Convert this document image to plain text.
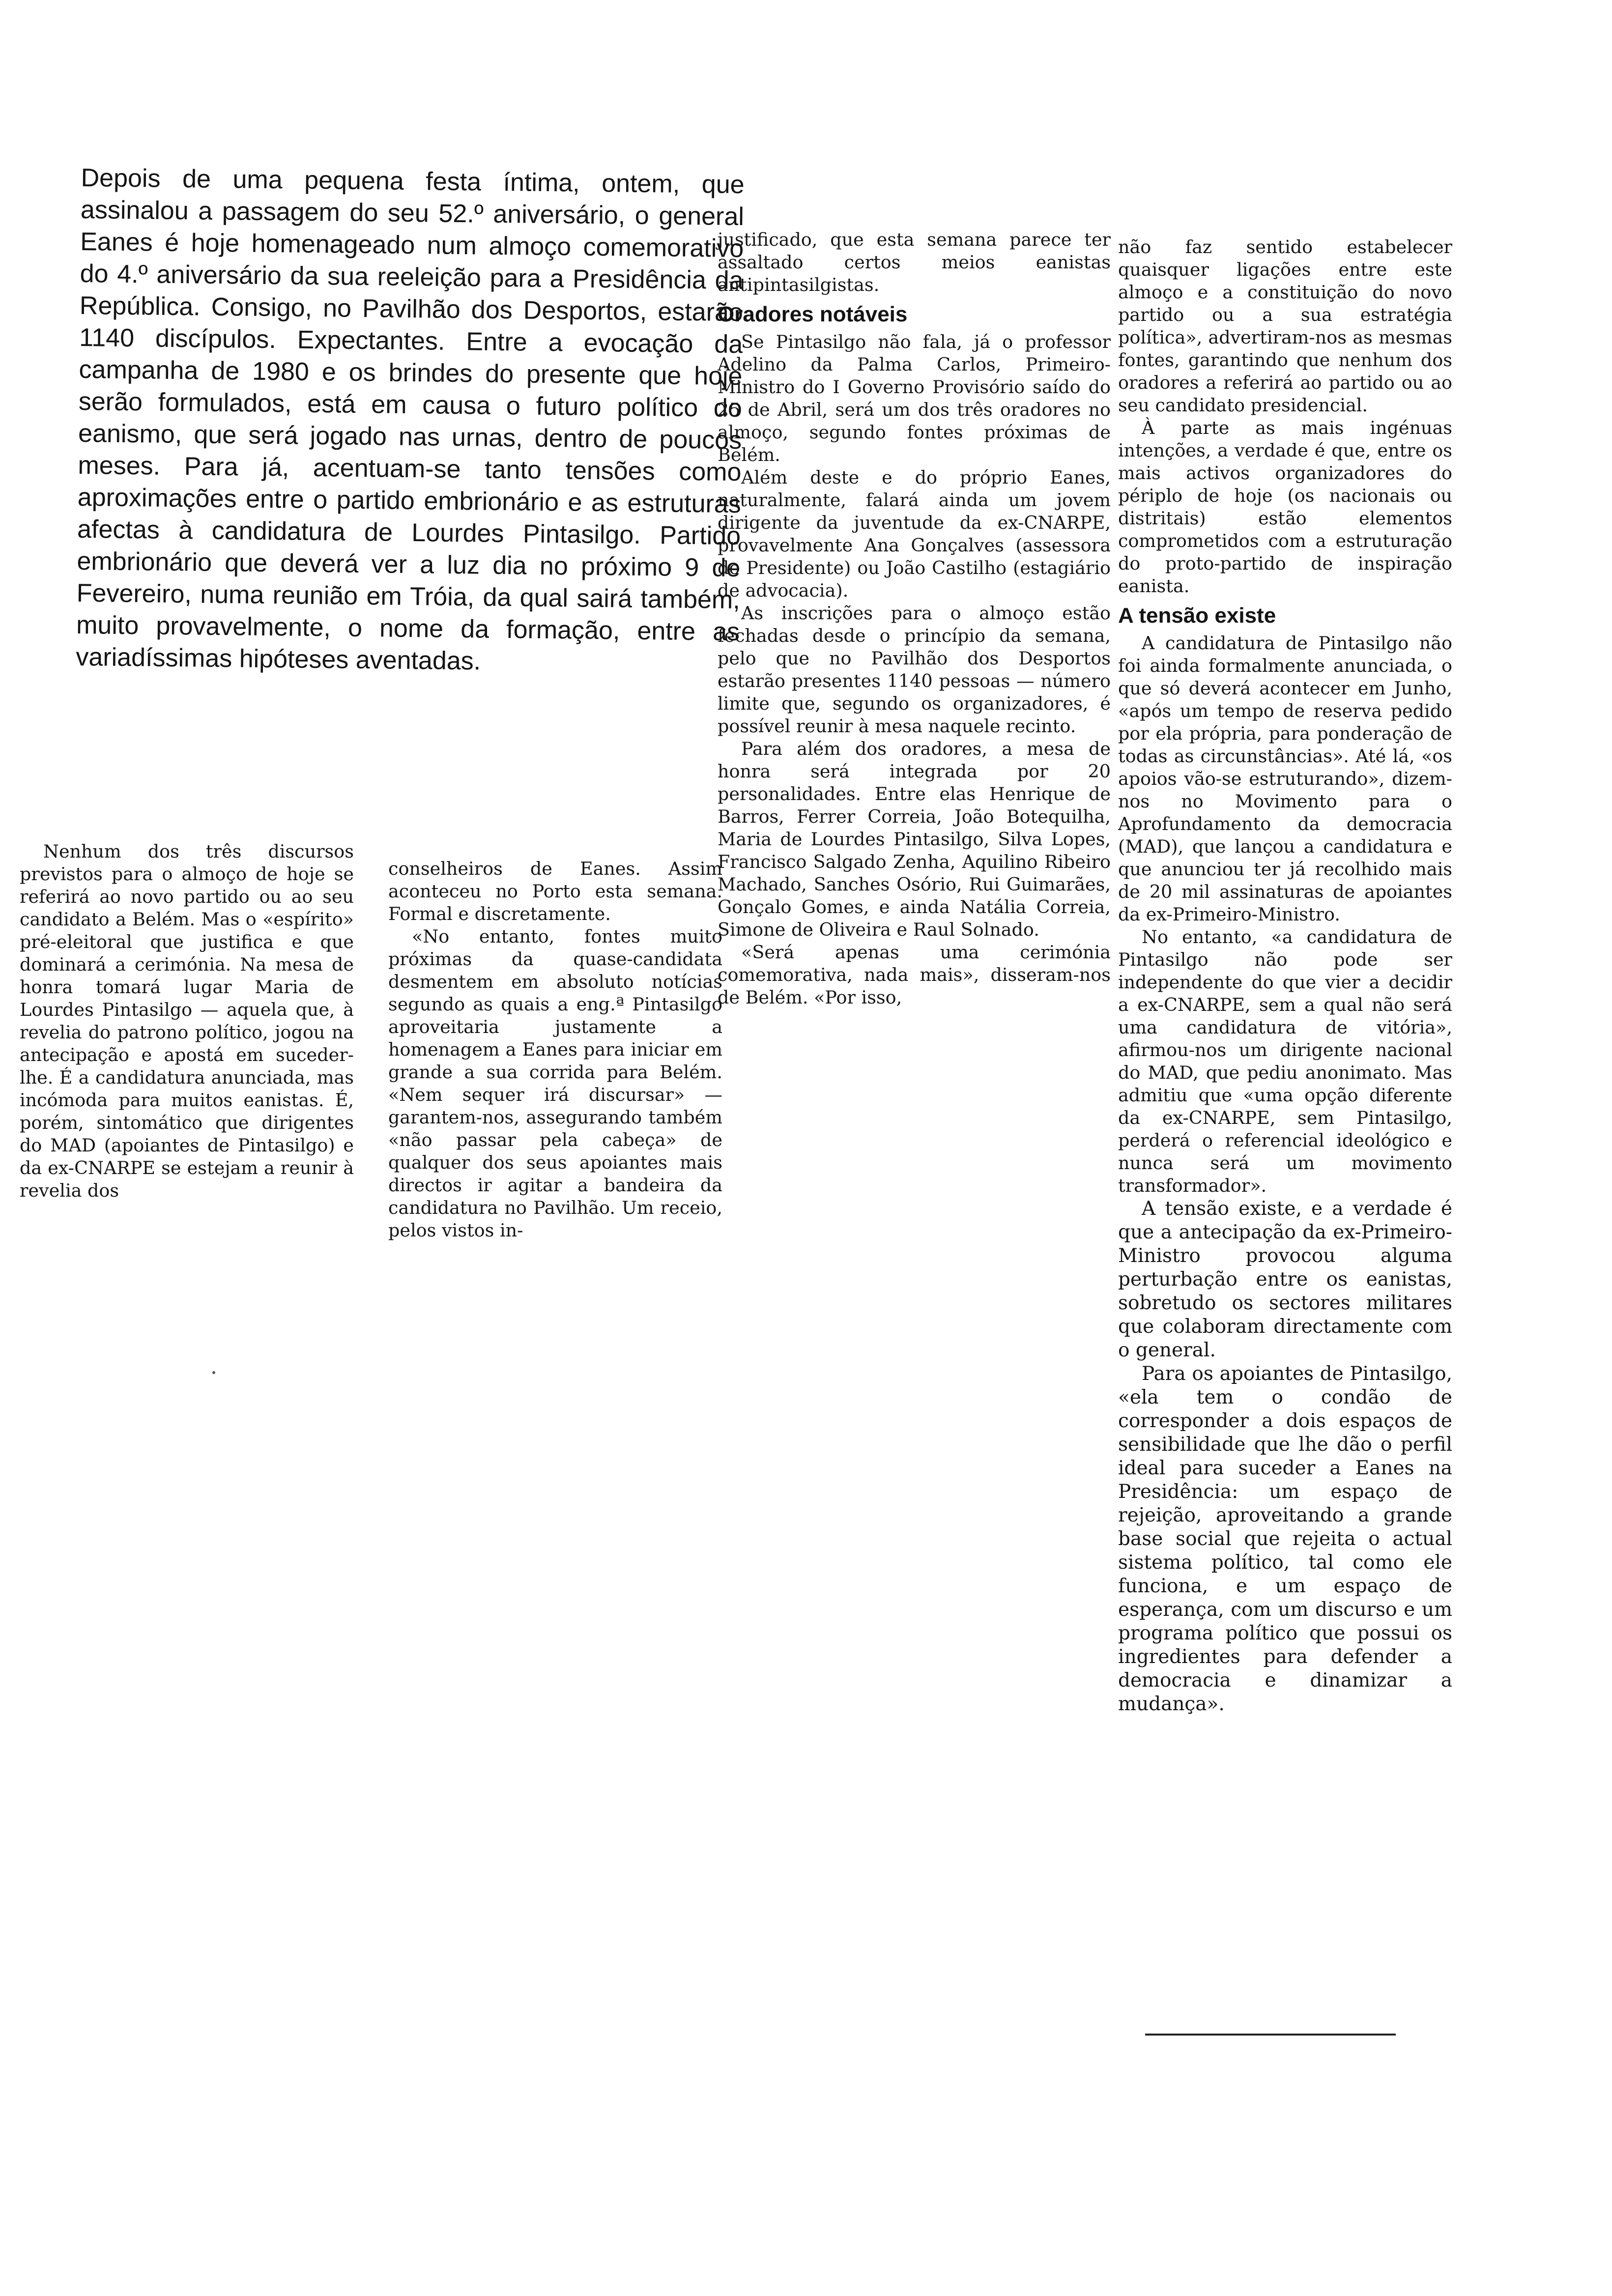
Depois de uma pequena festa íntima, ontem, que assinalou a passagem do seu 52.º aniversário, o general Eanes é hoje homenageado num almoço comemorativo do 4.º aniversário da sua reeleição para a Presidência da República. Consigo, no Pavilhão dos Desportos, estarão 1140 discípulos. Expectantes. Entre a evocação da campanha de 1980 e os brindes do presente que hoje serão formulados, está em causa o futuro político do eanismo, que será jogado nas urnas, dentro de poucos meses. Para já, acentuam-se tanto tensões como aproximações entre o partido embrionário e as estruturas afectas à candidatura de Lourdes Pintasilgo. Partido embrionário que deverá ver a luz dia no próximo 9 de Fevereiro, numa reunião em Tróia, da qual sairá também, muito provavelmente, o nome da formação, entre as variadíssimas hipóteses aventadas.

Nenhum dos três discursos previstos para o almoço de hoje se referirá ao novo partido ou ao seu candidato a Belém. Mas o «espírito» pré-eleitoral que justifica e que dominará a cerimónia. Na mesa de honra tomará lugar Maria de Lourdes Pintasilgo — aquela que, à revelia do patrono político, jogou na antecipação e apostá em suceder-lhe. É a candidatura anunciada, mas incómoda para muitos eanistas. É, porém, sintomático que dirigentes do MAD (apoiantes de Pintasilgo) e da ex-CNARPE se estejam a reunir à revelia dos

conselheiros de Eanes. Assim aconteceu no Porto esta semana. Formal e discretamente.

«No entanto, fontes muito próximas da quase-candidata desmentem em absoluto notícias segundo as quais a eng.ª Pintasilgo aproveitaria justamente a homenagem a Eanes para iniciar em grande a sua corrida para Belém. «Nem sequer irá discursar» — garantem-nos, assegurando também «não passar pela cabeça» de qualquer dos seus apoiantes mais directos ir agitar a bandeira da candidatura no Pavilhão. Um receio, pelos vistos in-

justificado, que esta semana parece ter assaltado certos meios eanistas antipintasilgistas.

Oradores notáveis

Se Pintasilgo não fala, já o professor Adelino da Palma Carlos, Primeiro-Ministro do I Governo Provisório saído do 25 de Abril, será um dos três oradores no almoço, segundo fontes próximas de Belém.

Além deste e do próprio Eanes, naturalmente, falará ainda um jovem dirigente da juventude da ex-CNARPE, provavelmente Ana Gonçalves (assessora do Presidente) ou João Castilho (estagiário de advocacia).

As inscrições para o almoço estão fechadas desde o princípio da semana, pelo que no Pavilhão dos Desportos estarão presentes 1140 pessoas — número limite que, segundo os organizadores, é possível reunir à mesa naquele recinto.

Para além dos oradores, a mesa de honra será integrada por 20 personalidades. Entre elas Henrique de Barros, Ferrer Correia, João Botequilha, Maria de Lourdes Pintasilgo, Silva Lopes, Francisco Salgado Zenha, Aquilino Ribeiro Machado, Sanches Osório, Rui Guimarães, Gonçalo Gomes, e ainda Natália Correia, Simone de Oliveira e Raul Solnado.

«Será apenas uma cerimónia comemorativa, nada mais», disseram-nos de Belém. «Por isso,

não faz sentido estabelecer quaisquer ligações entre este almoço e a constituição do novo partido ou a sua estratégia política», advertiram-nos as mesmas fontes, garantindo que nenhum dos oradores a referirá ao partido ou ao seu candidato presidencial.

À parte as mais ingénuas intenções, a verdade é que, entre os mais activos organizadores do périplo de hoje (os nacionais ou distritais) estão elementos comprometidos com a estruturação do proto-partido de inspiração eanista.

A tensão existe

A candidatura de Pintasilgo não foi ainda formalmente anunciada, o que só deverá acontecer em Junho, «após um tempo de reserva pedido por ela própria, para ponderação de todas as circunstâncias». Até lá, «os apoios vão-se estruturando», dizem-nos no Movimento para o Aprofundamento da democracia (MAD), que lançou a candidatura e que anunciou ter já recolhido mais de 20 mil assinaturas de apoiantes da ex-Primeiro-Ministro.

No entanto, «a candidatura de Pintasilgo não pode ser independente do que vier a decidir a ex-CNARPE, sem a qual não será uma candidatura de vitória», afirmou-nos um dirigente nacional do MAD, que pediu anonimato. Mas admitiu que «uma opção diferente da ex-CNARPE, sem Pintasilgo, perderá o referencial ideológico e nunca será um movimento transformador».

A tensão existe, e a verdade é que a antecipação da ex-Primeiro-Ministro provocou alguma perturbação entre os eanistas, sobretudo os sectores militares que colaboram directamente com o general.

Para os apoiantes de Pintasilgo, «ela tem o condão de corresponder a dois espaços de sensibilidade que lhe dão o perfil ideal para suceder a Eanes na Presidência: um espaço de rejeição, aproveitando a grande base social que rejeita o actual sistema político, tal como ele funciona, e um espaço de esperança, com um discurso e um programa político que possui os ingredientes para defender a democracia e dinamizar a mudança».
